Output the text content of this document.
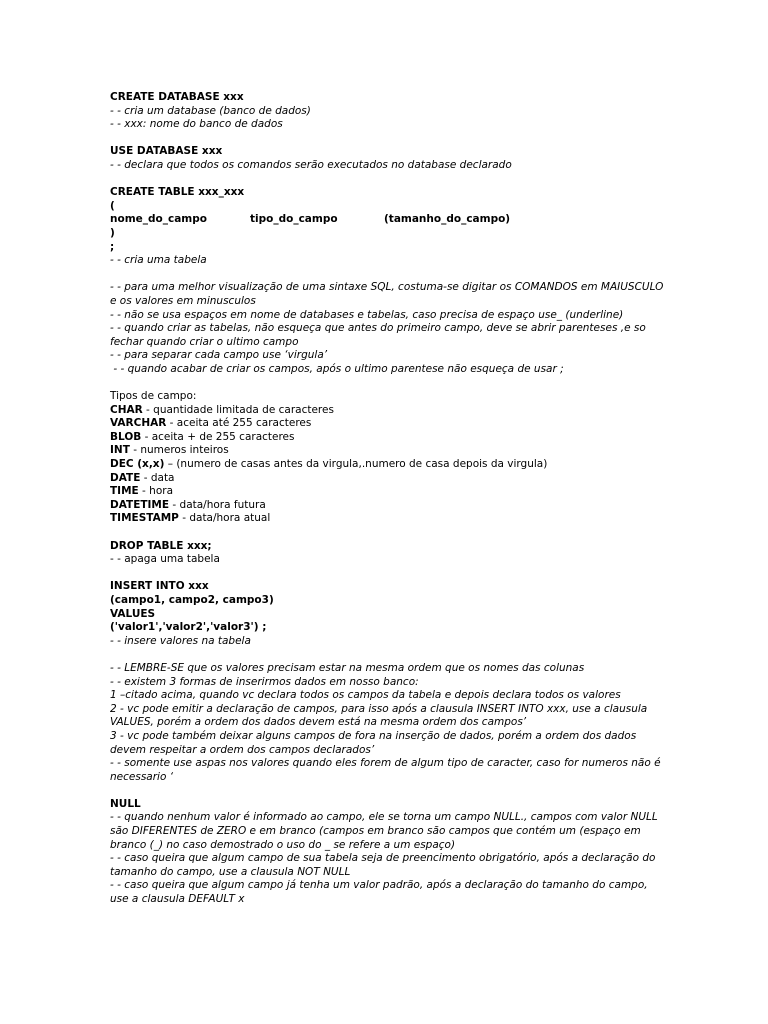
CREATE DATABASE xxx
- - cria um database (banco de dados)
- - xxx: nome do banco de dados
USE DATABASE xxx
- - declara que todos os comandos serão executados no database declarado
CREATE TABLE xxx_xxx
(
nome_do_campo	tipo_do_campo	(tamanho_do_campo)
)
;
- - cria uma tabela
- - para uma melhor visualização de uma sintaxe SQL, costuma-se digitar os COMANDOS em MAIUSCULO
e os valores em minusculos
- - não se usa espaços em nome de databases e tabelas, caso precisa de espaço use_ (underline)
- - quando criar as tabelas, não esqueça que antes do primeiro campo, deve se abrir parenteses ,e so
fechar quando criar o ultimo campo
- - para separar cada campo use ‘virgula’
- - quando acabar de criar os campos, após o ultimo parentese não esqueça de usar ;
Tipos de campo:
CHAR - quantidade limitada de caracteres
VARCHAR - aceita até 255 caracteres
BLOB - aceita + de 255 caracteres
INT - numeros inteiros
DEC (x,x) – (numero de casas antes da virgula,.numero de casa depois da virgula)
DATE - data
TIME - hora
DATETIME - data/hora futura
TIMESTAMP - data/hora atual
DROP TABLE xxx;
- - apaga uma tabela
INSERT INTO xxx
(campo1, campo2, campo3)
VALUES
('valor1','valor2','valor3') ;
- - insere valores na tabela
- - LEMBRE-SE que os valores precisam estar na mesma ordem que os nomes das colunas
- - existem 3 formas de inserirmos dados em nosso banco:
1 –citado acima, quando vc declara todos os campos da tabela e depois declara todos os valores
2 - vc pode emitir a declaração de campos, para isso após a clausula INSERT INTO xxx, use a clausula
VALUES, porém a ordem dos dados devem está na mesma ordem dos campos’
3 - vc pode também deixar alguns campos de fora na inserção de dados, porém a ordem dos dados
devem respeitar a ordem dos campos declarados’
- - somente use aspas nos valores quando eles forem de algum tipo de caracter, caso for numeros não é
necessario ‘
NULL
- - quando nenhum valor é informado ao campo, ele se torna um campo NULL., campos com valor NULL
são DIFERENTES de ZERO e em branco (campos em branco são campos que contém um (espaço em
branco (_) no caso demostrado o uso do _ se refere a um espaço)
- - caso queira que algum campo de sua tabela seja de preencimento obrigatório, após a declaração do
tamanho do campo, use a clausula NOT NULL
- - caso queira que algum campo já tenha um valor padrão, após a declaração do tamanho do campo,
use a clausula DEFAULT x
